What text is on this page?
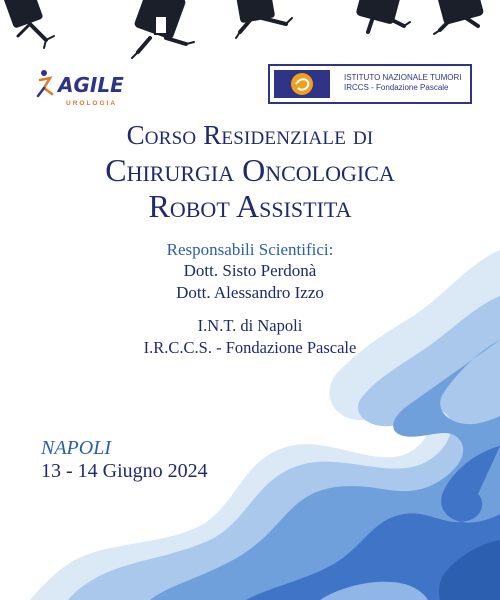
AGILE
UROLOGIA
ISTITUTO NAZIONALE TUMORI
IRCCS - Fondazione Pascale
Corso Residenziale di
Chirurgia Oncologica
Robot Assistita
Responsabili Scientifici:
Dott. Sisto Perdonà
Dott. Alessandro Izzo
I.N.T. di Napoli
I.R.C.C.S. - Fondazione Pascale
NAPOLI
13 - 14 Giugno 2024
